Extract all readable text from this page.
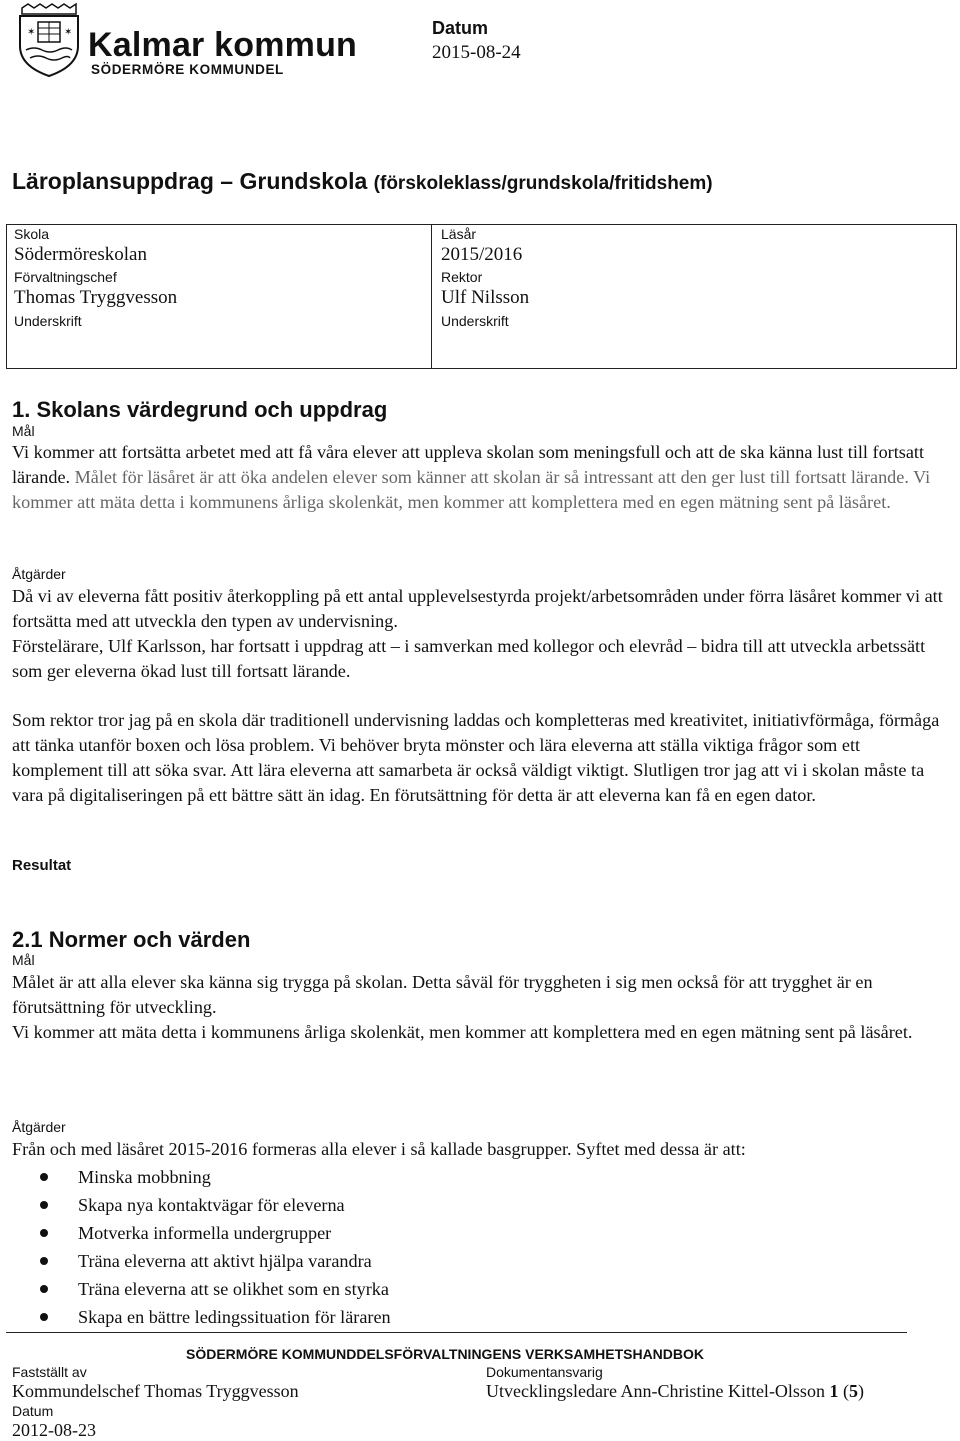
✶	✶ Kalmar kommun
SÖDERMÖRE KOMMUNDEL
Datum
2015-08-24
Läroplansuppdrag – Grundskola (förskoleklass/grundskola/fritidshem)
Skola
Södermöreskolan
Förvaltningschef
Thomas Tryggvesson
Underskrift
Läsår
2015/2016
Rektor
Ulf Nilsson
Underskrift
1. Skolans värdegrund och uppdrag
Mål
Vi kommer att fortsätta arbetet med att få våra elever att uppleva skolan som meningsfull och att de ska känna lust till fortsatt lärande. Målet för läsåret är att öka andelen elever som känner att skolan är så intressant att den ger lust till fortsatt lärande. Vi kommer att mäta detta i kommunens årliga skolenkät, men kommer att komplettera med en egen mätning sent på läsåret.
Åtgärder
Då vi av eleverna fått positiv återkoppling på ett antal upplevelsestyrda projekt/arbetsområden under förra läsåret kommer vi att fortsätta med att utveckla den typen av undervisning.
Förstelärare, Ulf Karlsson, har fortsatt i uppdrag att – i samverkan med kollegor och elevråd – bidra till att utveckla arbetssätt som ger eleverna ökad lust till fortsatt lärande.
Som rektor tror jag på en skola där traditionell undervisning laddas och kompletteras med kreativitet, initiativförmåga, förmåga att tänka utanför boxen och lösa problem. Vi behöver bryta mönster och lära eleverna att ställa viktiga frågor som ett komplement till att söka svar. Att lära eleverna att samarbeta är också väldigt viktigt. Slutligen tror jag att vi i skolan måste ta vara på digitaliseringen på ett bättre sätt än idag. En förutsättning för detta är att eleverna kan få en egen dator.
Resultat
2.1 Normer och värden
Mål
Målet är att alla elever ska känna sig trygga på skolan. Detta såväl för tryggheten i sig men också för att trygghet är en förutsättning för utveckling.
Vi kommer att mäta detta i kommunens årliga skolenkät, men kommer att komplettera med en egen mätning sent på läsåret.
Åtgärder
Från och med läsåret 2015-2016 formeras alla elever i så kallade basgrupper. Syftet med dessa är att:
Minska mobbning
Skapa nya kontaktvägar för eleverna
Motverka informella undergrupper
Träna eleverna att aktivt hjälpa varandra
Träna eleverna att se olikhet som en styrka
Skapa en bättre ledingssituation för läraren
SÖDERMÖRE KOMMUNDDELSFÖRVALTNINGENS VERKSAMHETSHANDBOK
Fastställt av
Kommundelschef Thomas Tryggvesson
Datum
2012-08-23
Dokumentansvarig
Utvecklingsledare Ann-Christine Kittel-Olsson 1 (5)
